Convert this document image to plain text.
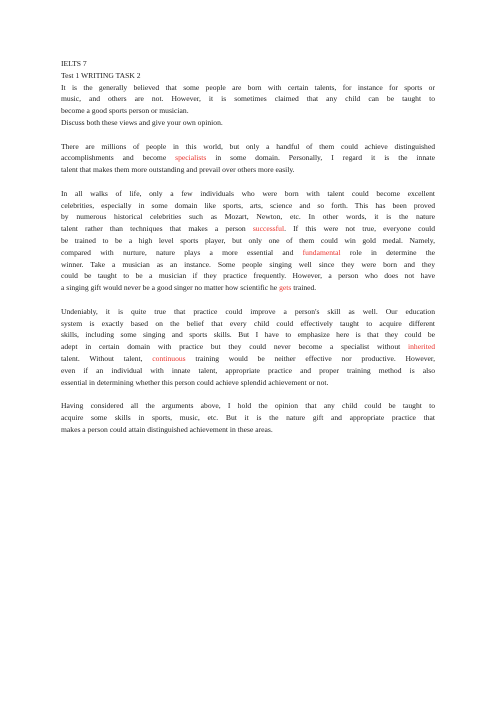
IELTS 7
Test 1 WRITING TASK 2
It is the generally believed that some people are born with certain talents, for instance for sports or
music, and others are not. However, it is sometimes claimed that any child can be taught to
become a good sports person or musician.
Discuss both these views and give your own opinion.
There are millions of people in this world, but only a handful of them could achieve distinguished
accomplishments and become specialists in some domain. Personally, I regard it is the innate
talent that makes them more outstanding and prevail over others more easily.
In all walks of life, only a few individuals who were born with talent could become excellent
celebrities, especially in some domain like sports, arts, science and so forth. This has been proved
by numerous historical celebrities such as Mozart, Newton, etc. In other words, it is the nature
talent rather than techniques that makes a person successful. If this were not true, everyone could
be trained to be a high level sports player, but only one of them could win gold medal. Namely,
compared with nurture, nature plays a more essential and fundamental role in determine the
winner. Take a musician as an instance. Some people singing well since they were born and they
could be taught to be a musician if they practice frequently. However, a person who does not have
a singing gift would never be a good singer no matter how scientific he gets trained.
Undeniably, it is quite true that practice could improve a person's skill as well. Our education
system is exactly based on the belief that every child could effectively taught to acquire different
skills, including some singing and sports skills. But I have to emphasize here is that they could be
adept in certain domain with practice but they could never become a specialist without inherited
talent. Without talent, continuous training would be neither effective nor productive. However,
even if an individual with innate talent, appropriate practice and proper training method is also
essential in determining whether this person could achieve splendid achievement or not.
Having considered all the arguments above, I hold the opinion that any child could be taught to
acquire some skills in sports, music, etc. But it is the nature gift and appropriate practice that
makes a person could attain distinguished achievement in these areas.
